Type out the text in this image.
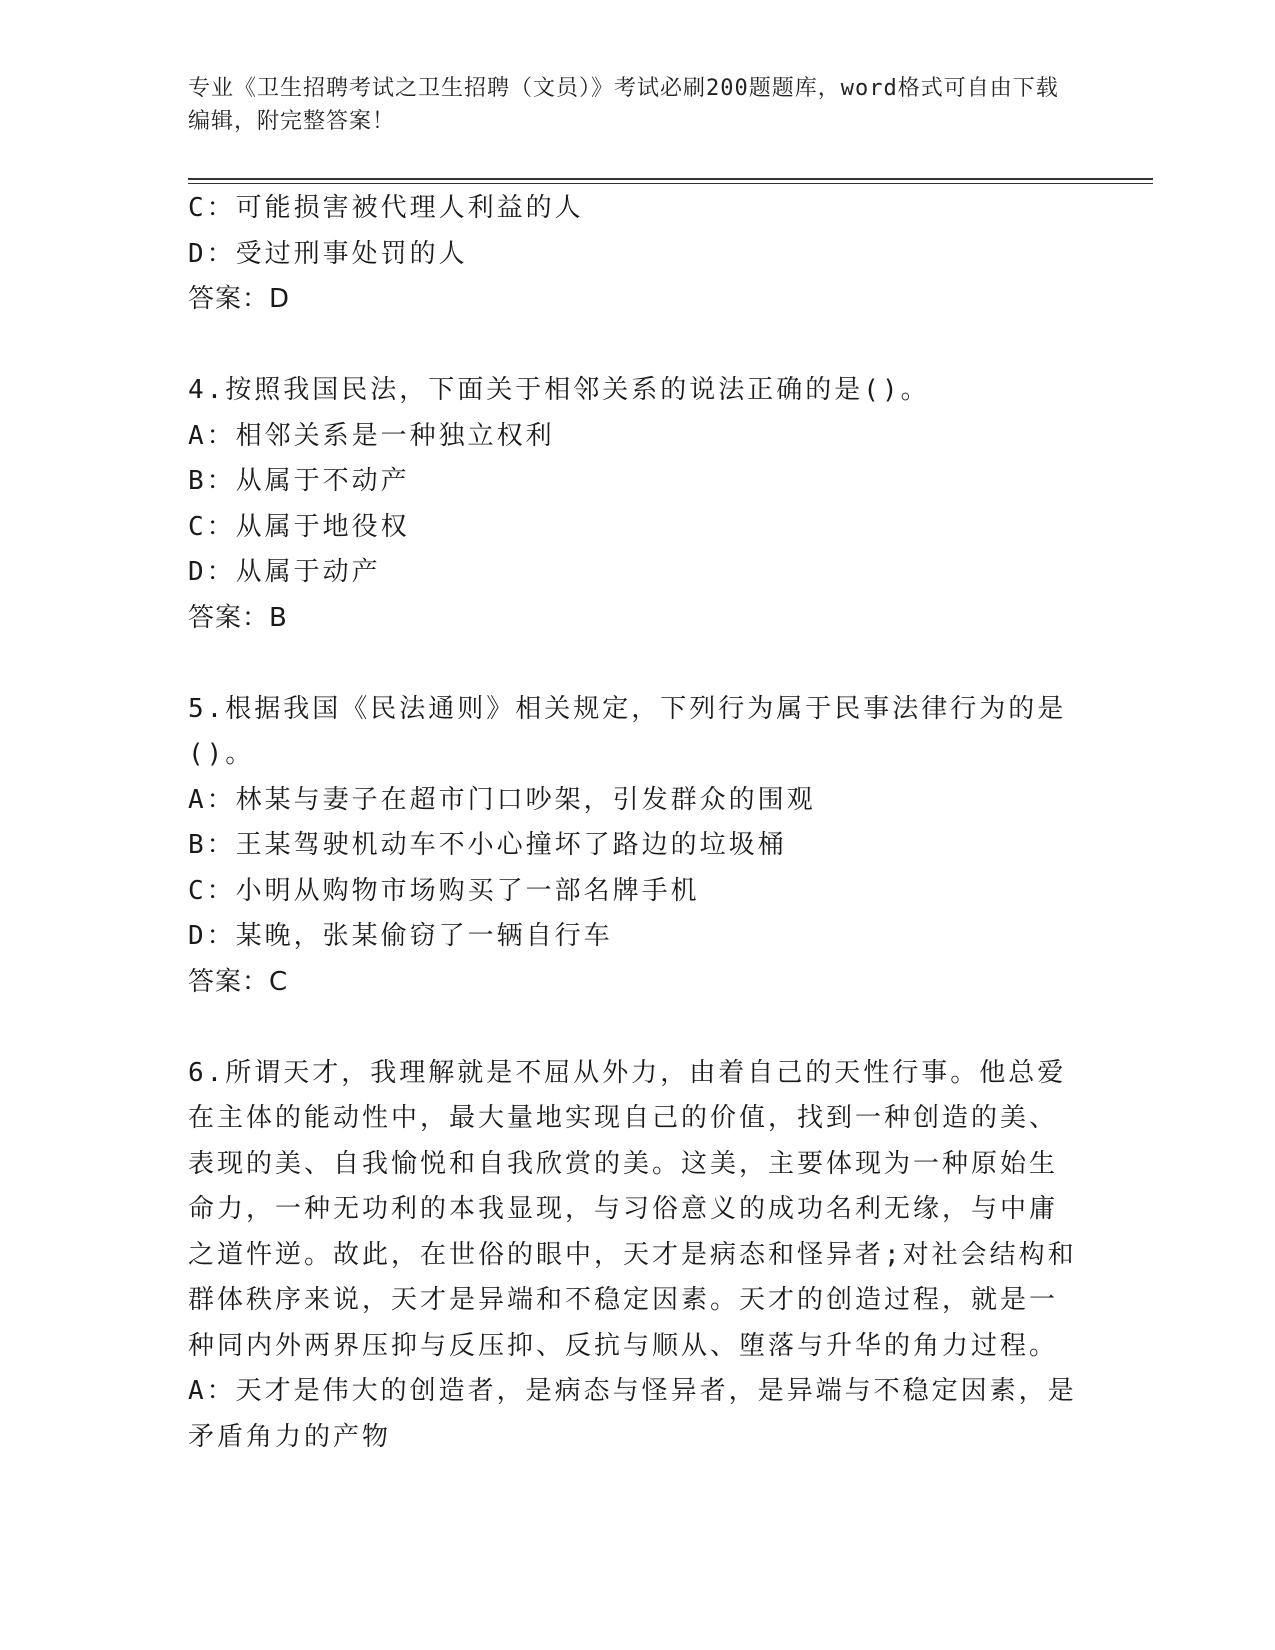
专业《卫生招聘考试之卫生招聘（文员）》考试必刷200题题库，word格式可自由下载编辑，附完整答案！
C：可能损害被代理人利益的人
D：受过刑事处罚的人
答案：D
4.按照我国民法，下面关于相邻关系的说法正确的是()。
A：相邻关系是一种独立权利
B：从属于不动产
C：从属于地役权
D：从属于动产
答案：B
5.根据我国《民法通则》相关规定，下列行为属于民事法律行为的是
()。
A：林某与妻子在超市门口吵架，引发群众的围观
B：王某驾驶机动车不小心撞坏了路边的垃圾桶
C：小明从购物市场购买了一部名牌手机
D：某晚，张某偷窃了一辆自行车
答案：C
6.所谓天才，我理解就是不屈从外力，由着自己的天性行事。他总爱
在主体的能动性中，最大量地实现自己的价值，找到一种创造的美、
表现的美、自我愉悦和自我欣赏的美。这美，主要体现为一种原始生
命力，一种无功利的本我显现，与习俗意义的成功名利无缘，与中庸
之道忤逆。故此，在世俗的眼中，天才是病态和怪异者;对社会结构和
群体秩序来说，天才是异端和不稳定因素。天才的创造过程，就是一
种同内外两界压抑与反压抑、反抗与顺从、堕落与升华的角力过程。
A：天才是伟大的创造者，是病态与怪异者，是异端与不稳定因素，是
矛盾角力的产物
